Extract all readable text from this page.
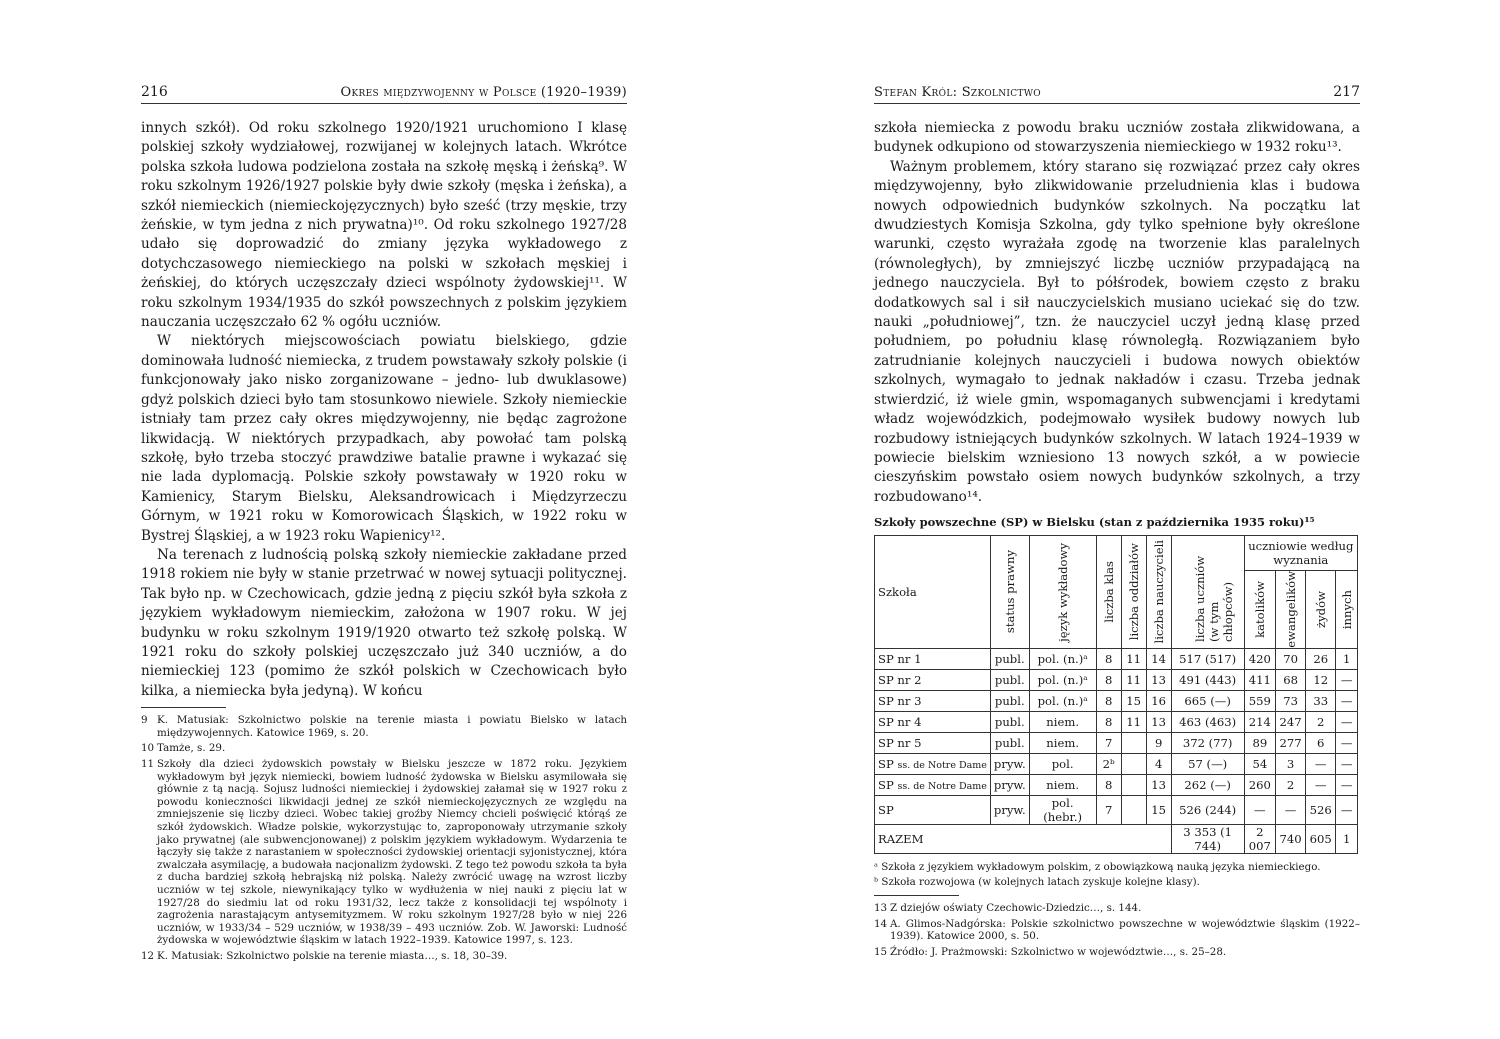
216	Okres międzywojenny w Polsce (1920–1939)

innych szkół). Od roku szkolnego 1920/1921 uruchomiono I klasę polskiej szkoły wydziałowej, rozwijanej w kolejnych latach. Wkrótce polska szkoła ludowa podzielona została na szkołę męską i żeńską⁹. W roku szkolnym 1926/1927 polskie były dwie szkoły (męska i żeńska), a szkół niemieckich (niemieckojęzycznych) było sześć (trzy męskie, trzy żeńskie, w tym jedna z nich prywatna)¹⁰. Od roku szkolnego 1927/28 udało się doprowadzić do zmiany języka wykładowego z dotychczasowego niemieckiego na polski w szkołach męskiej i żeńskiej, do których uczęszczały dzieci wspólnoty żydowskiej¹¹. W roku szkolnym 1934/1935 do szkół powszechnych z polskim językiem nauczania uczęszczało 62 % ogółu uczniów.

W niektórych miejscowościach powiatu bielskiego, gdzie dominowała ludność niemiecka, z trudem powstawały szkoły polskie (i funkcjonowały jako nisko zorganizowane – jedno- lub dwuklasowe) gdyż polskich dzieci było tam stosunkowo niewiele. Szkoły niemieckie istniały tam przez cały okres międzywojenny, nie będąc zagrożone likwidacją. W niektórych przypadkach, aby powołać tam polską szkołę, było trzeba stoczyć prawdziwe batalie prawne i wykazać się nie lada dyplomacją. Polskie szkoły powstawały w 1920 roku w Kamienicy, Starym Bielsku, Aleksandrowicach i Międzyrzeczu Górnym, w 1921 roku w Komorowicach Śląskich, w 1922 roku w Bystrej Śląskiej, a w 1923 roku Wapienicy¹².

Na terenach z ludnością polską szkoły niemieckie zakładane przed 1918 rokiem nie były w stanie przetrwać w nowej sytuacji politycznej. Tak było np. w Czechowicach, gdzie jedną z pięciu szkół była szkoła z językiem wykładowym niemieckim, założona w 1907 roku. W jej budynku w roku szkolnym 1919/1920 otwarto też szkołę polską. W 1921 roku do szkoły polskiej uczęszczało już 340 uczniów, a do niemieckiej 123 (pomimo że szkół polskich w Czechowicach było kilka, a niemiecka była jedyną). W końcu

9 K. Matusiak: Szkolnictwo polskie na terenie miasta i powiatu Bielsko w latach międzywojennych. Katowice 1969, s. 20.
10 Tamże, s. 29.
11 Szkoły dla dzieci żydowskich powstały w Bielsku jeszcze w 1872 roku. Językiem wykładowym był język niemiecki, bowiem ludność żydowska w Bielsku asymilowała się głównie z tą nacją. Sojusz ludności niemieckiej i żydowskiej załamał się w 1927 roku z powodu konieczności likwidacji jednej ze szkół niemieckojęzycznych ze względu na zmniejszenie się liczby dzieci. Wobec takiej groźby Niemcy chcieli poświęcić którąś ze szkół żydowskich. Władze polskie, wykorzystując to, zaproponowały utrzymanie szkoły jako prywatnej (ale subwencjonowanej) z polskim językiem wykładowym. Wydarzenia te łączyły się także z narastaniem w społeczności żydowskiej orientacji syjonistycznej, która zwalczała asymilację, a budowała nacjonalizm żydowski. Z tego też powodu szkoła ta była z ducha bardziej szkołą hebrajską niż polską. Należy zwrócić uwagę na wzrost liczby uczniów w tej szkole, niewynikający tylko w wydłużenia w niej nauki z pięciu lat w 1927/28 do siedmiu lat od roku 1931/32, lecz także z konsolidacji tej wspólnoty i zagrożenia narastającym antysemityzmem. W roku szkolnym 1927/28 było w niej 226 uczniów, w 1933/34 – 529 uczniów, w 1938/39 – 493 uczniów. Zob. W. Jaworski: Ludność żydowska w województwie śląskim w latach 1922–1939. Katowice 1997, s. 123.
12 K. Matusiak: Szkolnictwo polskie na terenie miasta…, s. 18, 30–39.
Stefan Król: Szkolnictwo	217

szkoła niemiecka z powodu braku uczniów została zlikwidowana, a budynek odkupiono od stowarzyszenia niemieckiego w 1932 roku¹³.

Ważnym problemem, który starano się rozwiązać przez cały okres międzywojenny, było zlikwidowanie przeludnienia klas i budowa nowych odpowiednich budynków szkolnych. Na początku lat dwudziestych Komisja Szkolna, gdy tylko spełnione były określone warunki, często wyrażała zgodę na tworzenie klas paralelnych (równoległych), by zmniejszyć liczbę uczniów przypadającą na jednego nauczyciela. Był to półśrodek, bowiem często z braku dodatkowych sal i sił nauczycielskich musiano uciekać się do tzw. nauki „południowej”, tzn. że nauczyciel uczył jedną klasę przed południem, po południu klasę równoległą. Rozwiązaniem było zatrudnianie kolejnych nauczycieli i budowa nowych obiektów szkolnych, wymagało to jednak nakładów i czasu. Trzeba jednak stwierdzić, iż wiele gmin, wspomaganych subwencjami i kredytami władz wojewódzkich, podejmowało wysiłek budowy nowych lub rozbudowy istniejących budynków szkolnych. W latach 1924–1939 w powiecie bielskim wzniesiono 13 nowych szkół, a w powiecie cieszyńskim powstało osiem nowych budynków szkolnych, a trzy rozbudowano¹⁴.

Szkoły powszechne (SP) w Bielsku (stan z października 1935 roku)¹⁵
Szkoła	status prawny	język wykładowy	liczba klas	liczba oddziałów	liczba nauczycieli	liczba uczniów (w tym chłopców)	uczniowie według wyznania			

							katolików	ewangelików	żydów	innych

SP nr 1	publ.	pol. (n.)ᵃ	8	11	14	517 (517)	420	70	26	1
SP nr 2	publ.	pol. (n.)ᵃ	8	11	13	491 (443)	411	68	12	—
SP nr 3	publ.	pol. (n.)ᵃ	8	15	16	665 (—)	559	73	33	—
SP nr 4	publ.	niem.	8	11	13	463 (463)	214	247	2	—
SP nr 5	publ.	niem.	7		9	372 (77)	89	277	6	—
SP ss. de Notre Dame	pryw.	pol.	2ᵇ		4	57 (—)	54	3	—	—
SP ss. de Notre Dame	pryw.	niem.	8		13	262 (—)	260	2	—	—
SP	pryw.	pol. (hebr.)	7		15	526 (244)	—	—	526	—
RAZEM						3 353 (1 744)	2 007	740	605	1
ᵃ Szkoła z językiem wykładowym polskim, z obowiązkową nauką języka niemieckiego.
ᵇ Szkoła rozwojowa (w kolejnych latach zyskuje kolejne klasy).
13 Z dziejów oświaty Czechowic-Dziedzic…, s. 144.
14 A. Glimos-Nadgórska: Polskie szkolnictwo powszechne w województwie śląskim (1922–1939). Katowice 2000, s. 50.
15 Źródło: J. Prażmowski: Szkolnictwo w województwie…, s. 25–28.
